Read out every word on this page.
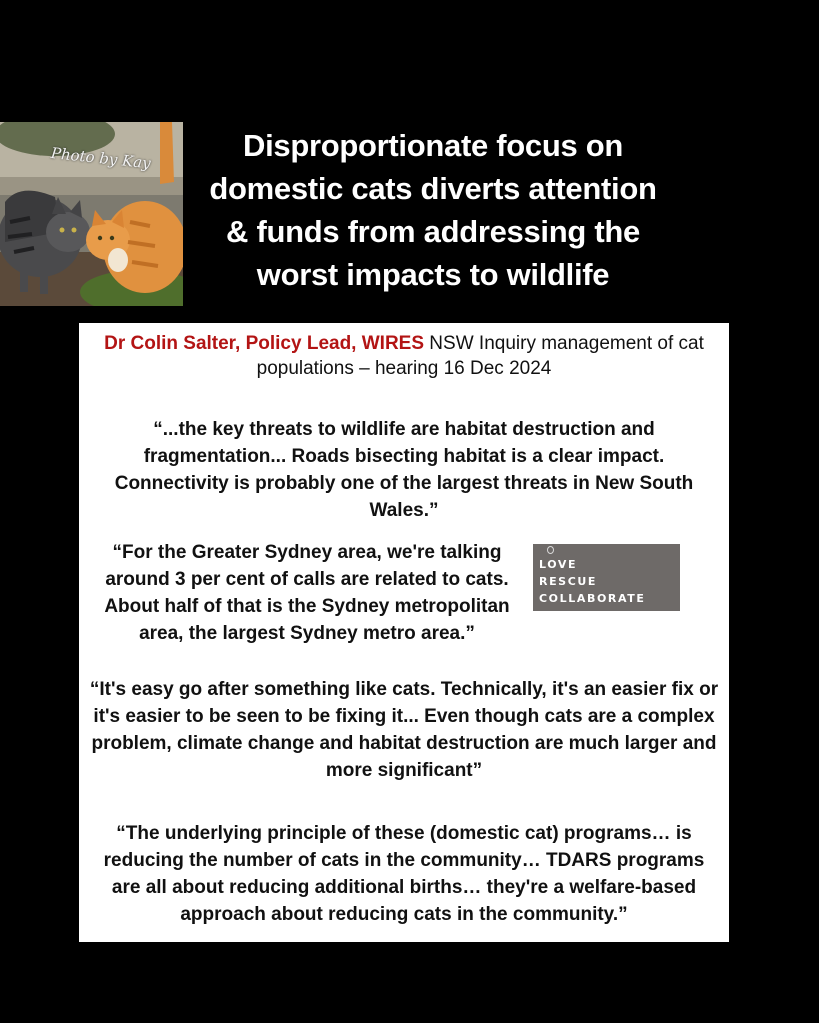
Photo by Kay	Disproportionate focus on
domestic cats diverts attention
& funds from addressing the
worst impacts to wildlife
Dr Colin Salter, Policy Lead, WIRES NSW Inquiry management of cat
populations – hearing 16 Dec 2024
“...the key threats to wildlife are habitat destruction and fragmentation... Roads bisecting habitat is a clear impact. Connectivity is probably one of the largest threats in New South Wales.”
“For the Greater Sydney area, we're talking around 3 per cent of calls are related to cats. About half of that is the Sydney metropolitan area, the largest Sydney metro area.”
“It's easy go after something like cats. Technically, it's an easier fix or it's easier to be seen to be fixing it... Even though cats are a complex problem, climate change and habitat destruction are much larger and more significant”
“The underlying principle of these (domestic cat) programs… is reducing the number of cats in the community… TDARS programs are all about reducing additional births… they're a welfare-based approach about reducing cats in the community.”
LOVE
RESCUE
COLLABORATE
